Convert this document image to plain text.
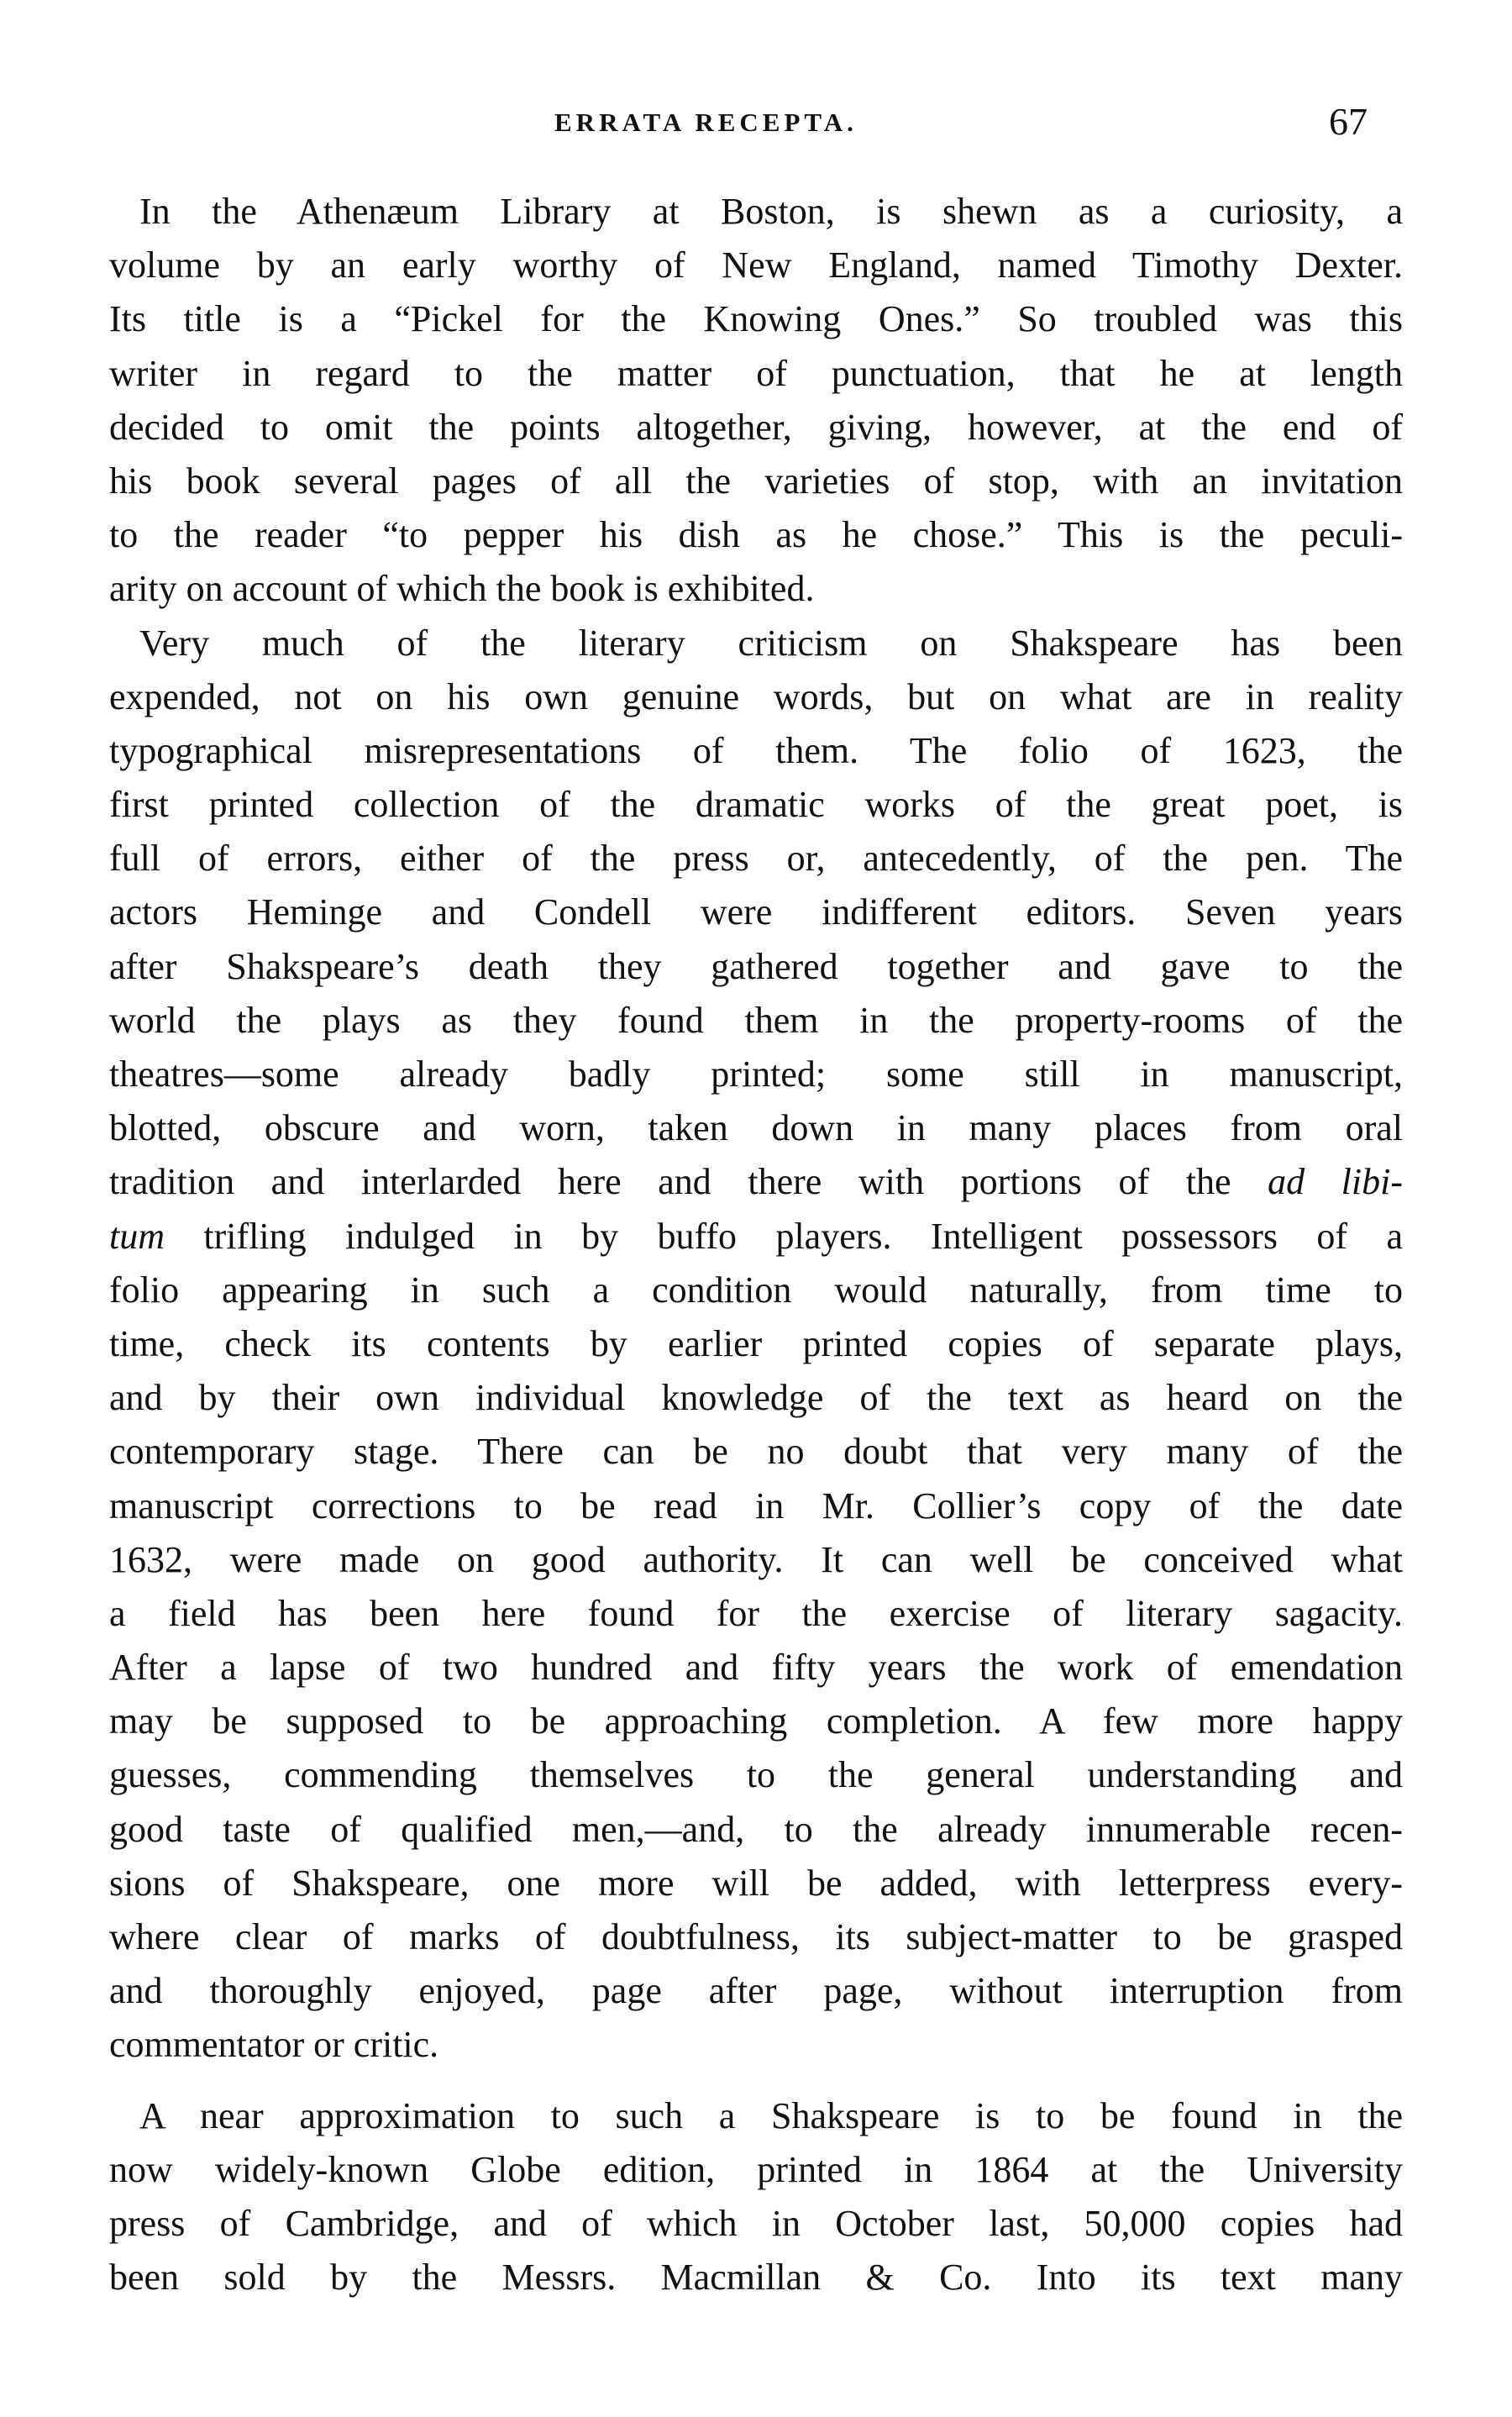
ERRATA RECEPTA.	67

In the Athenæum Library at Boston, is shewn as a curiosity, a
volume by an early worthy of New England, named Timothy Dexter.
Its title is a “Pickel for the Knowing Ones.” So troubled was this
writer in regard to the matter of punctuation, that he at length
decided to omit the points altogether, giving, however, at the end of
his book several pages of all the varieties of stop, with an invitation
to the reader “to pepper his dish as he chose.” This is the peculi-
arity on account of which the book is exhibited.

Very much of the literary criticism on Shakspeare has been
expended, not on his own genuine words, but on what are in reality
typographical misrepresentations of them. The folio of 1623, the
first printed collection of the dramatic works of the great poet, is
full of errors, either of the press or, antecedently, of the pen. The
actors Heminge and Condell were indifferent editors. Seven years
after Shakspeare’s death they gathered together and gave to the
world the plays as they found them in the property-rooms of the
theatres—some already badly printed; some still in manuscript,
blotted, obscure and worn, taken down in many places from oral
tradition and interlarded here and there with portions of the ad libi-
tum trifling indulged in by buffo players. Intelligent possessors of a
folio appearing in such a condition would naturally, from time to
time, check its contents by earlier printed copies of separate plays,
and by their own individual knowledge of the text as heard on the
contemporary stage. There can be no doubt that very many of the
manuscript corrections to be read in Mr. Collier’s copy of the date
1632, were made on good authority. It can well be conceived what
a field has been here found for the exercise of literary sagacity.
After a lapse of two hundred and fifty years the work of emendation
may be supposed to be approaching completion. A few more happy
guesses, commending themselves to the general understanding and
good taste of qualified men,—and, to the already innumerable recen-
sions of Shakspeare, one more will be added, with letterpress every-
where clear of marks of doubtfulness, its subject-matter to be grasped
and thoroughly enjoyed, page after page, without interruption from
commentator or critic.

A near approximation to such a Shakspeare is to be found in the
now widely-known Globe edition, printed in 1864 at the University
press of Cambridge, and of which in October last, 50,000 copies had
been sold by the Messrs. Macmillan & Co. Into its text many
